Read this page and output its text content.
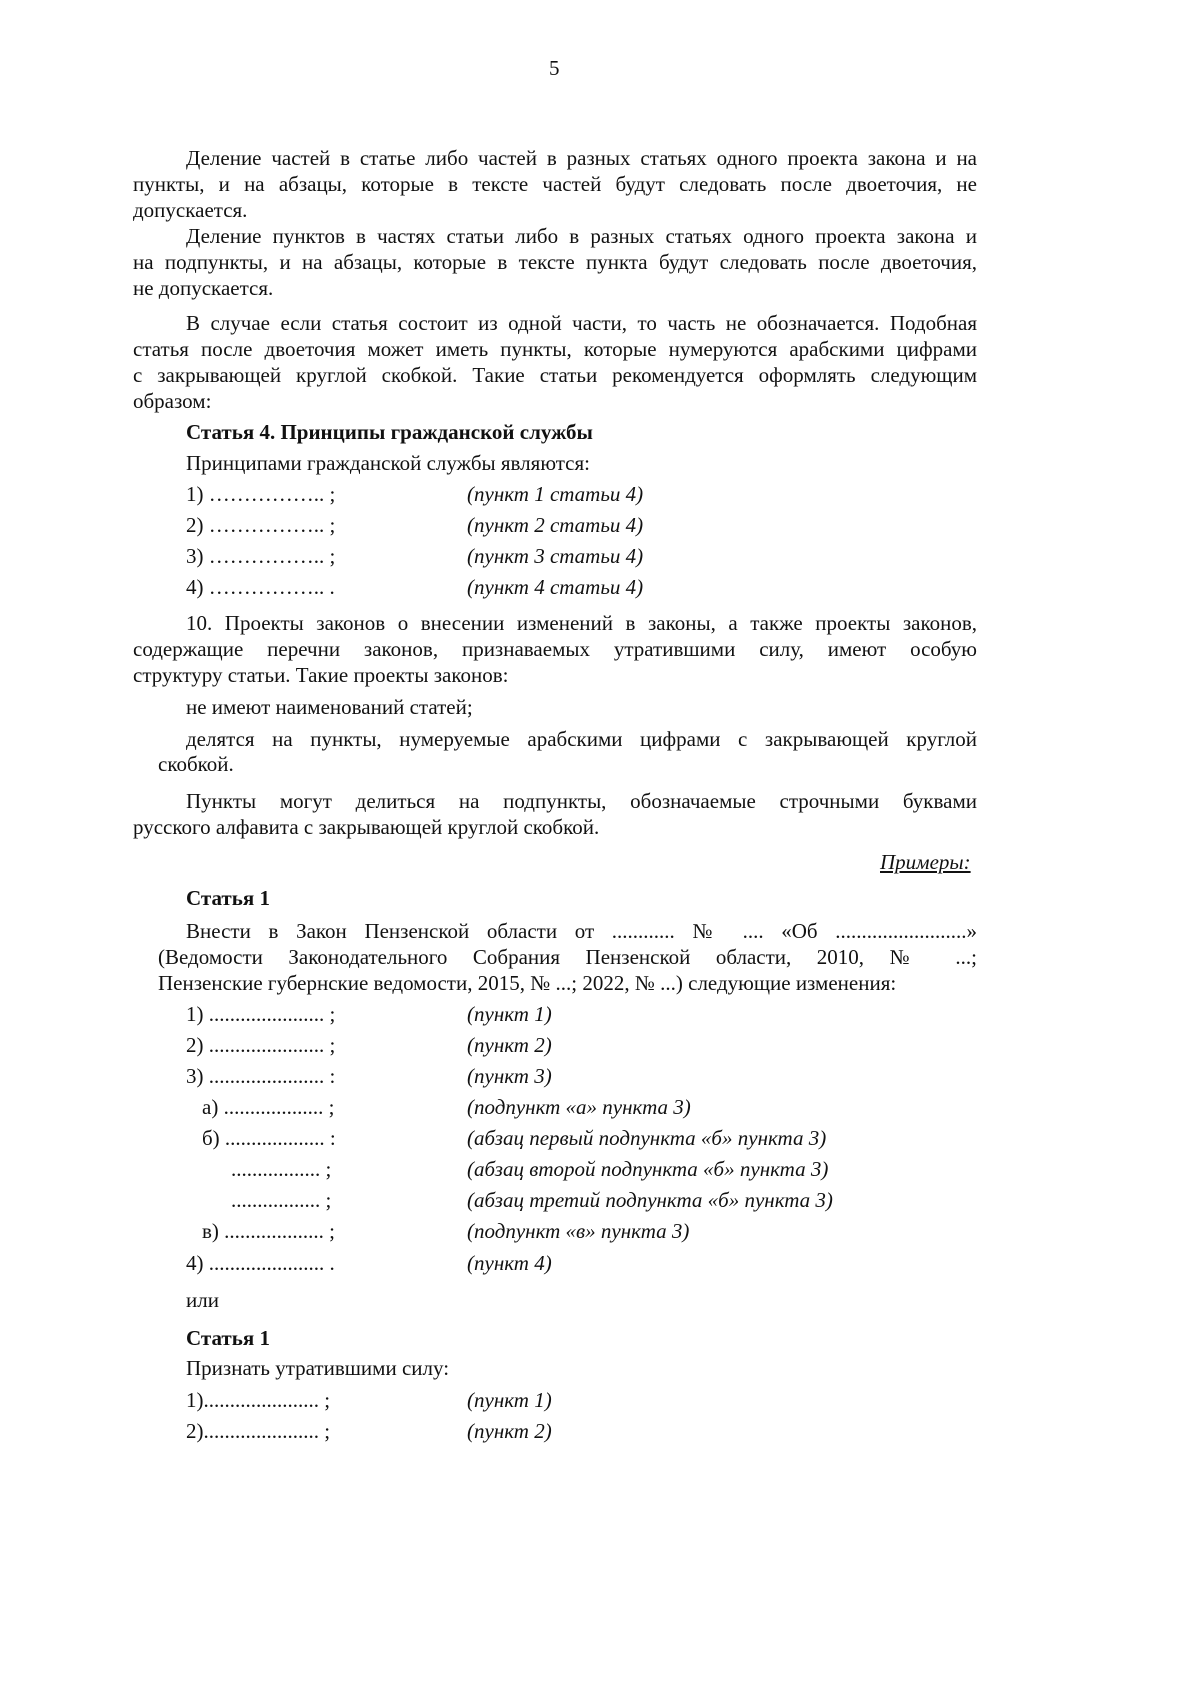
5
Деление частей в статье либо частей в разных статьях одного проекта закона и на
пункты, и на абзацы, которые в тексте частей будут следовать после двоеточия, не
допускается.
Деление пунктов в частях статьи либо в разных статьях одного проекта закона и
на подпункты, и на абзацы, которые в тексте пункта будут следовать после двоеточия,
не допускается.
В случае если статья состоит из одной части, то часть не обозначается. Подобная
статья после двоеточия может иметь пункты, которые нумеруются арабскими цифрами
с закрывающей круглой скобкой. Такие статьи рекомендуется оформлять следующим
образом:
Статья 4. Принципы гражданской службы
Принципами гражданской службы являются:
1) …………….. ;	(пункт 1 статьи 4)
2) …………….. ;	(пункт 2 статьи 4)
3) …………….. ;	(пункт 3 статьи 4)
4) …………….. .	(пункт 4 статьи 4)
10. Проекты законов о внесении изменений в законы, а также проекты законов,
содержащие перечни законов, признаваемых утратившими силу, имеют особую
структуру статьи. Такие проекты законов:
не имеют наименований статей;
делятся на пункты, нумеруемые арабскими цифрами с закрывающей круглой
скобкой.
Пункты могут делиться на подпункты, обозначаемые строчными буквами
русского алфавита с закрывающей круглой скобкой.
Примеры:
Статья 1
Внести в Закон Пензенской области от ............ № .... «Об .........................»
(Ведомости Законодательного Собрания Пензенской области, 2010, № ...;
Пензенские губернские ведомости, 2015, № ...; 2022, № ...) следующие изменения:
1) ...................... ;	(пункт 1)
2) ...................... ;	(пункт 2)
3) ...................... :	(пункт 3)
а) ................... ;	(подпункт «а» пункта 3)
б) ................... :	(абзац первый подпункта «б» пункта 3)
................. ;	(абзац второй подпункта «б» пункта 3)
................. ;	(абзац третий подпункта «б» пункта 3)
в) ................... ;	(подпункт «в» пункта 3)
4) ...................... .	(пункт 4)
или
Статья 1
Признать утратившими силу:
1)...................... ;	(пункт 1)
2)...................... ;	(пункт 2)
